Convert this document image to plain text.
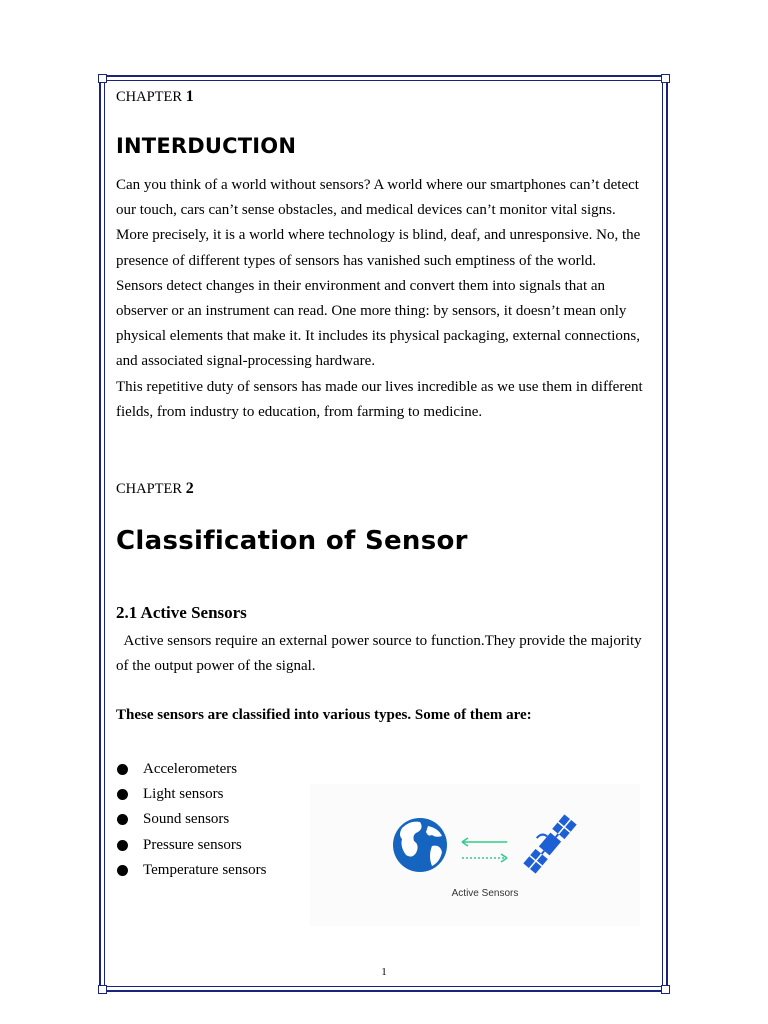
CHAPTER 1
INTERDUCTION

Can you think of a world without sensors? A world where our smartphones can’t detect our touch, cars can’t sense obstacles, and medical devices can’t monitor vital signs. More precisely, it is a world where technology is blind, deaf, and unresponsive. No, the presence of different types of sensors has vanished such emptiness of the world.

Sensors detect changes in their environment and convert them into signals that an observer or an instrument can read. One more thing: by sensors, it doesn’t mean only physical elements that make it. It includes its physical packaging, external connections, and associated signal-processing hardware.

This repetitive duty of sensors has made our lives incredible as we use them in different fields, from industry to education, from farming to medicine.

CHAPTER 2
Classification of Sensor
2.1 Active Sensors
Active sensors require an external power source to function.They provide the majority of the output power of the signal.
These sensors are classified into various types. Some of them are:
Accelerometers
Light sensors
Sound sensors
Pressure sensors
Temperature sensors
Active Sensors
1
